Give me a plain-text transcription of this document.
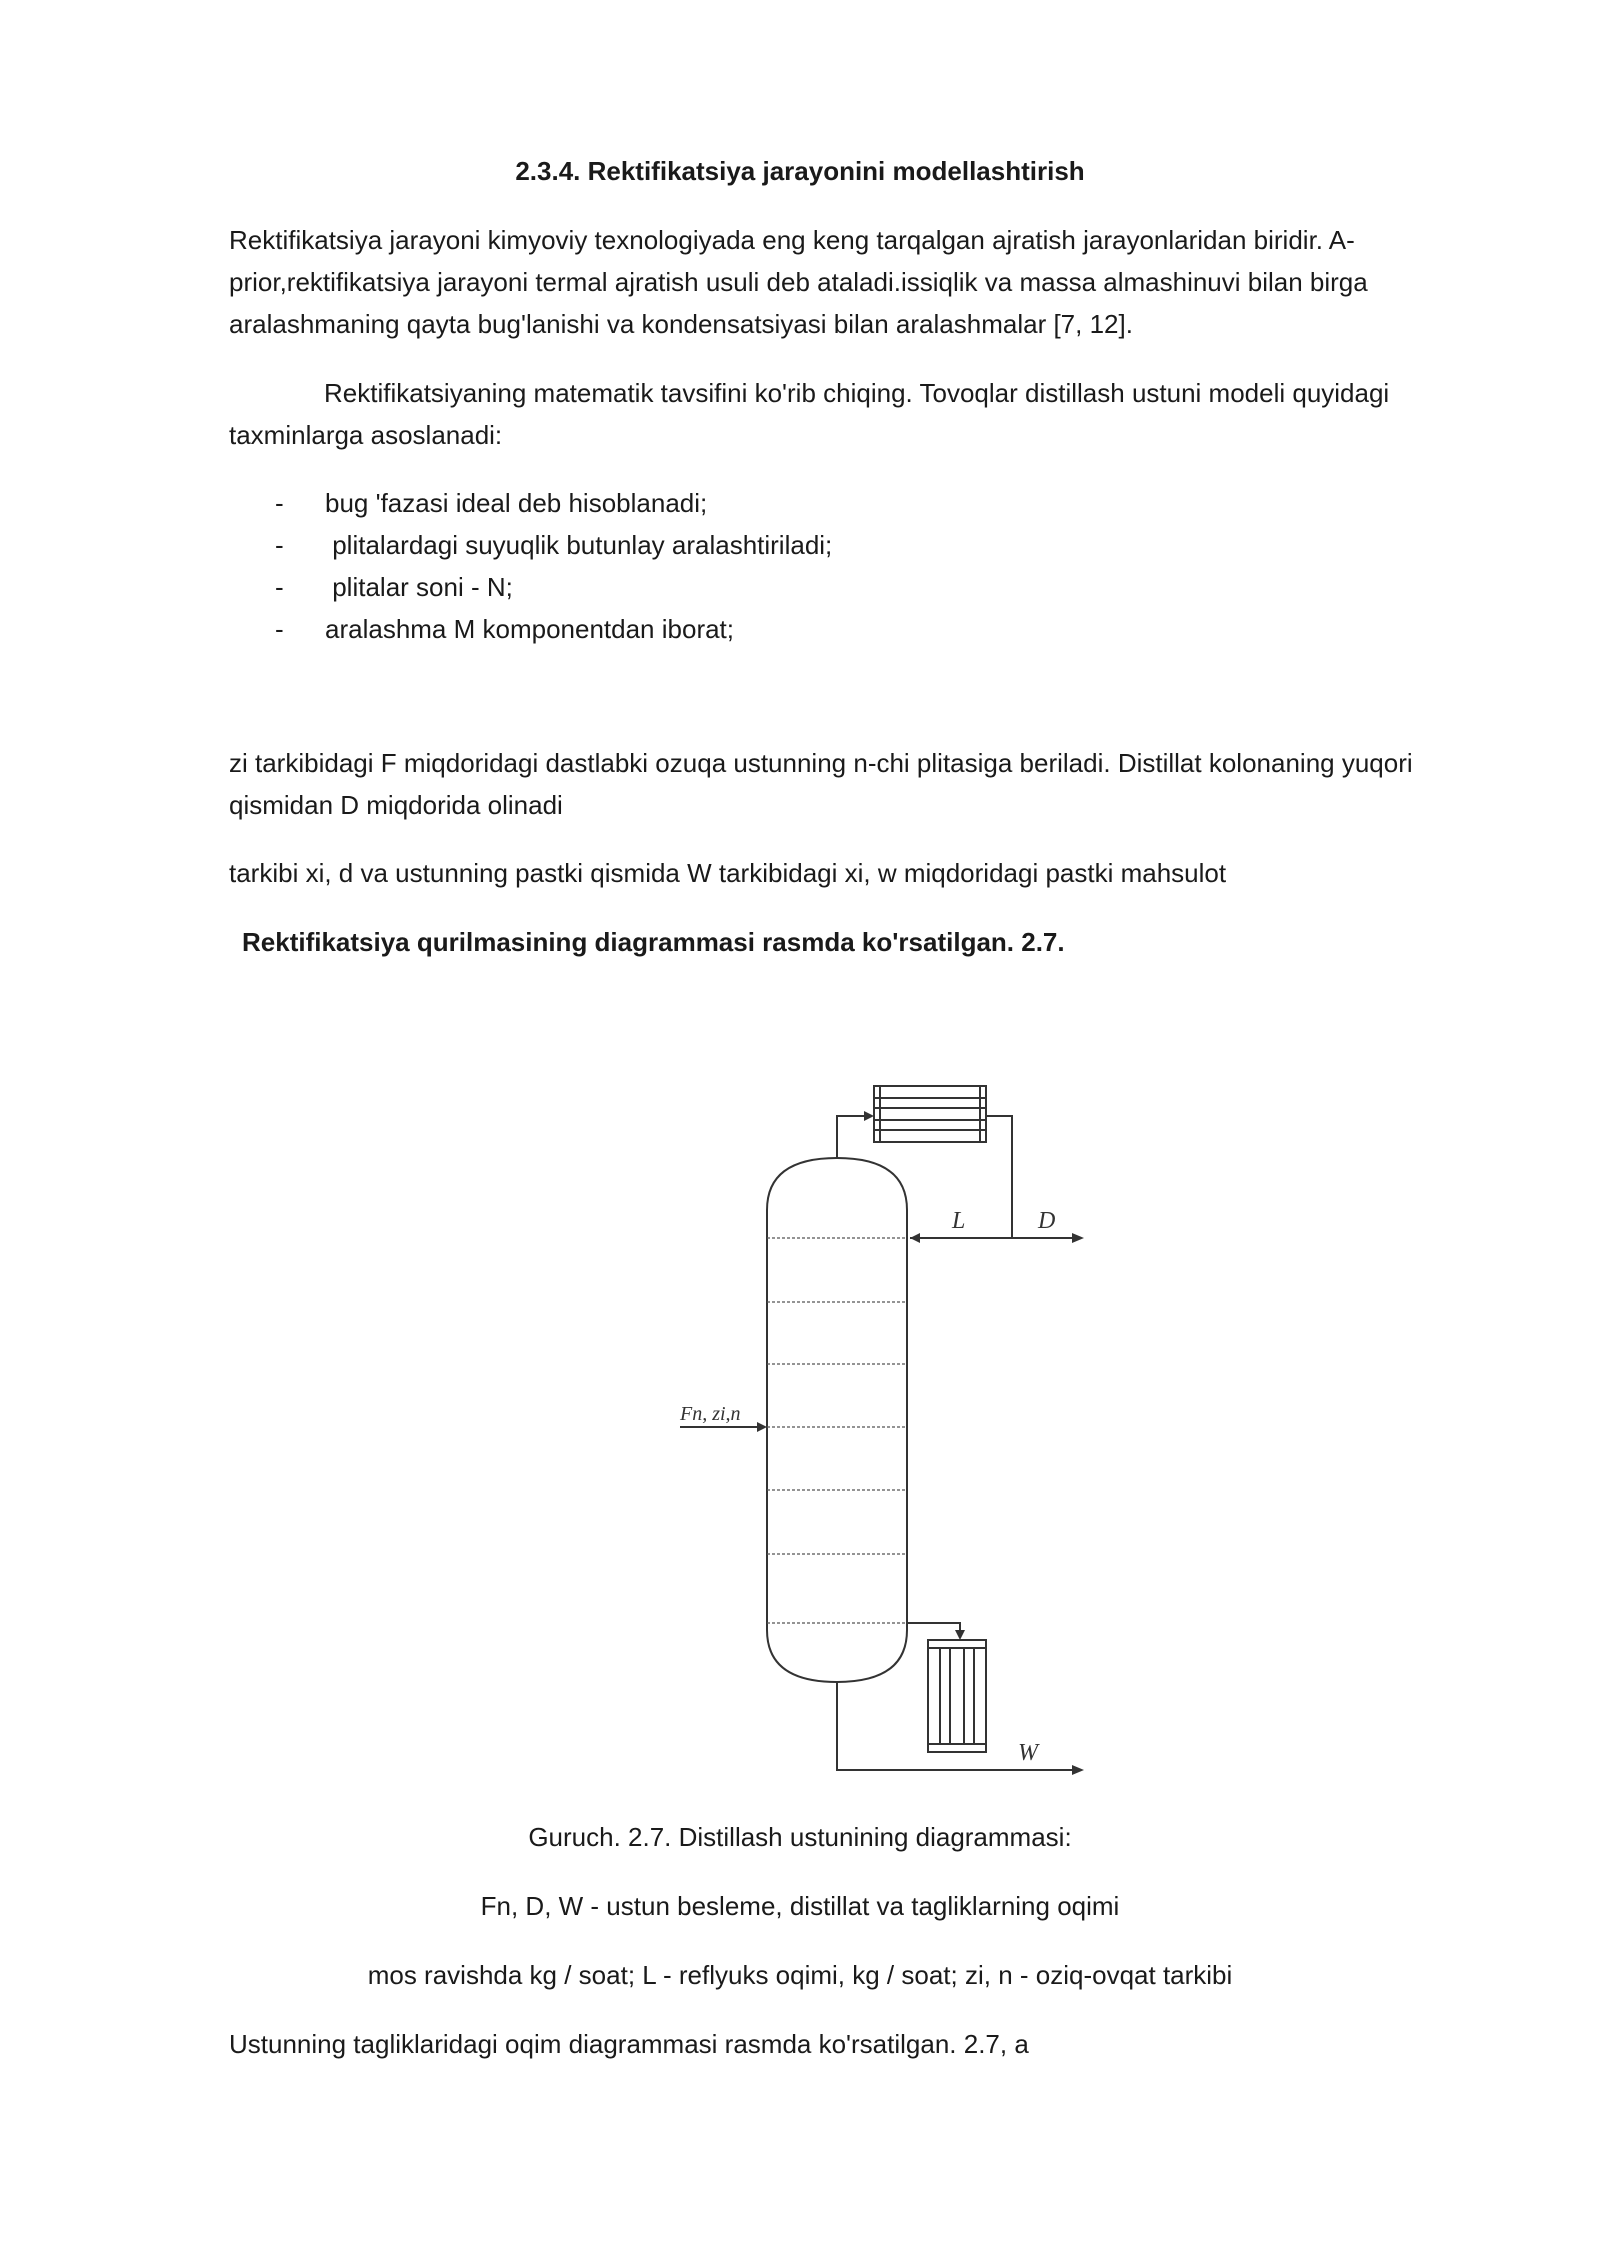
2.3.4. Rektifikatsiya jarayonini modellashtirish
Rektifikatsiya jarayoni kimyoviy texnologiyada eng keng tarqalgan ajratish jarayonlaridan biridir. A-prior,rektifikatsiya jarayoni termal ajratish usuli deb ataladi.issiqlik va massa almashinuvi bilan birga aralashmaning qayta bug'lanishi va kondensatsiyasi bilan aralashmalar [7, 12].
Rektifikatsiyaning matematik tavsifini ko'rib chiqing. Tovoqlar distillash ustuni modeli quyidagi taxminlarga asoslanadi:
- bug 'fazasi ideal deb hisoblanadi;
- plitalardagi suyuqlik butunlay aralashtiriladi;
- plitalar soni - N;
- aralashma M komponentdan iborat;
zi tarkibidagi F miqdoridagi dastlabki ozuqa ustunning n-chi plitasiga beriladi. Distillat kolonaning yuqori qismidan D miqdorida olinadi
tarkibi xi, d va ustunning pastki qismida W tarkibidagi xi, w miqdoridagi pastki mahsulot
Rektifikatsiya qurilmasining diagrammasi rasmda ko'rsatilgan. 2.7.
L	D
Fn, zi,n
W
Guruch. 2.7. Distillash ustunining diagrammasi:
Fn, D, W - ustun besleme, distillat va tagliklarning oqimi
mos ravishda kg / soat; L - reflyuks oqimi, kg / soat; zi, n - oziq-ovqat tarkibi
Ustunning tagliklaridagi oqim diagrammasi rasmda ko'rsatilgan. 2.7, a
